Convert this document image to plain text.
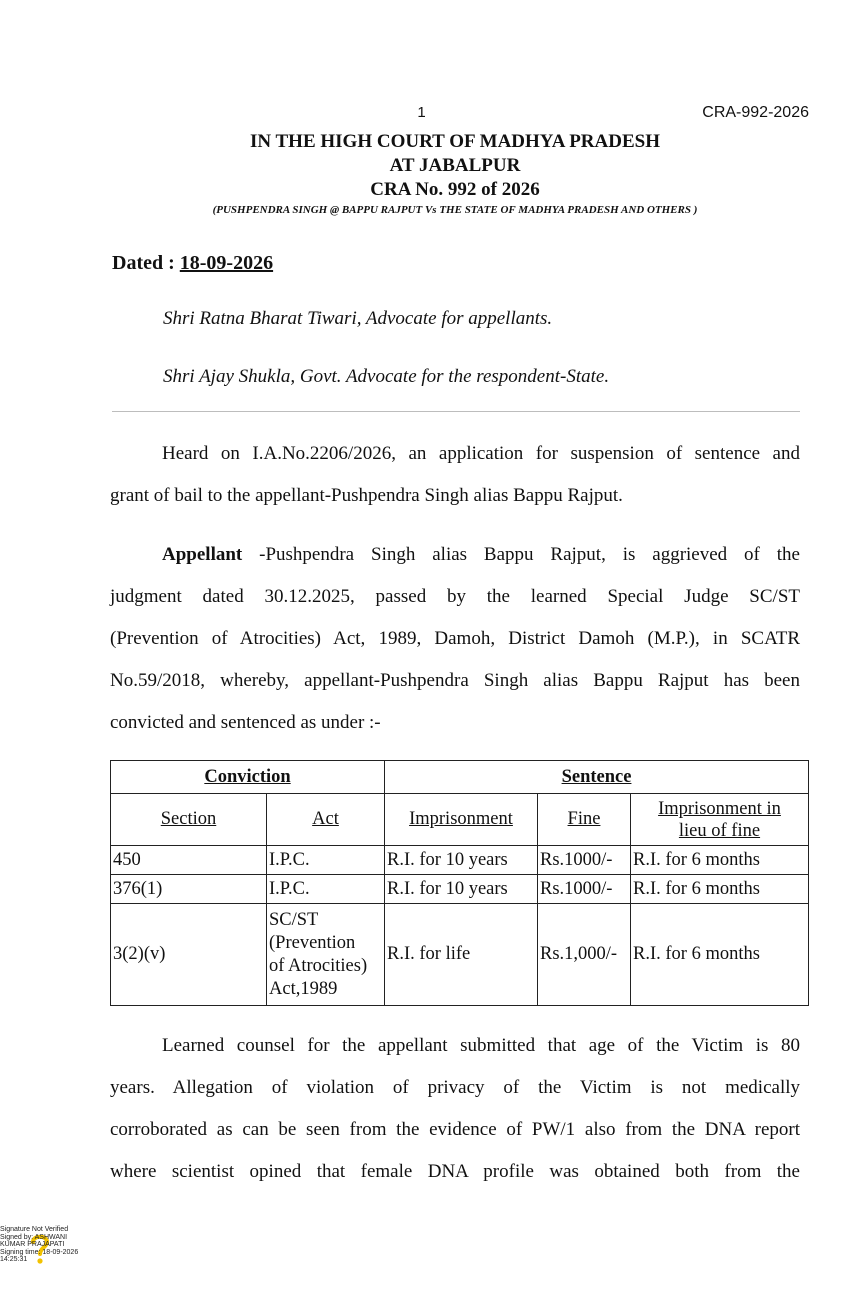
1	CRA-992-2026
IN THE HIGH COURT OF MADHYA PRADESH
AT JABALPUR
CRA No. 992 of 2026
(PUSHPENDRA SINGH @ BAPPU RAJPUT Vs THE STATE OF MADHYA PRADESH AND OTHERS )
Dated : 18-09-2026
Shri Ratna Bharat Tiwari, Advocate for appellants.
Shri Ajay Shukla, Govt. Advocate for the respondent-State.
Heard on I.A.No.2206/2026, an application for suspension of sentence and
grant of bail to the appellant-Pushpendra Singh alias Bappu Rajput.
Appellant -Pushpendra Singh alias Bappu Rajput, is aggrieved of the
judgment dated 30.12.2025, passed by the learned Special Judge SC/ST
(Prevention of Atrocities) Act, 1989, Damoh, District Damoh (M.P.), in SCATR
No.59/2018, whereby, appellant-Pushpendra Singh alias Bappu Rajput has been
convicted and sentenced as under :-
Conviction		Sentence		
Section	Act	Imprisonment	Fine	Imprisonment in
lieu of fine
450	I.P.C.	R.I. for 10 years	Rs.1000/-	R.I. for 6 months
376(1)	I.P.C.	R.I. for 10 years	Rs.1000/-	R.I. for 6 months
3(2)(v)	SC/ST
(Prevention
of Atrocities)
Act,1989	R.I. for life	Rs.1,000/-	R.I. for 6 months
Learned counsel for the appellant submitted that age of the Victim is 80
years. Allegation of violation of privacy of the Victim is not medically
corroborated as can be seen from the evidence of PW/1 also from the DNA report
where scientist opined that female DNA profile was obtained both from the
Signature Not Verified
Signed by: ASHWANI
KUMAR PRAJAPATI
Signing time: 18-09-2026
14:25:31
